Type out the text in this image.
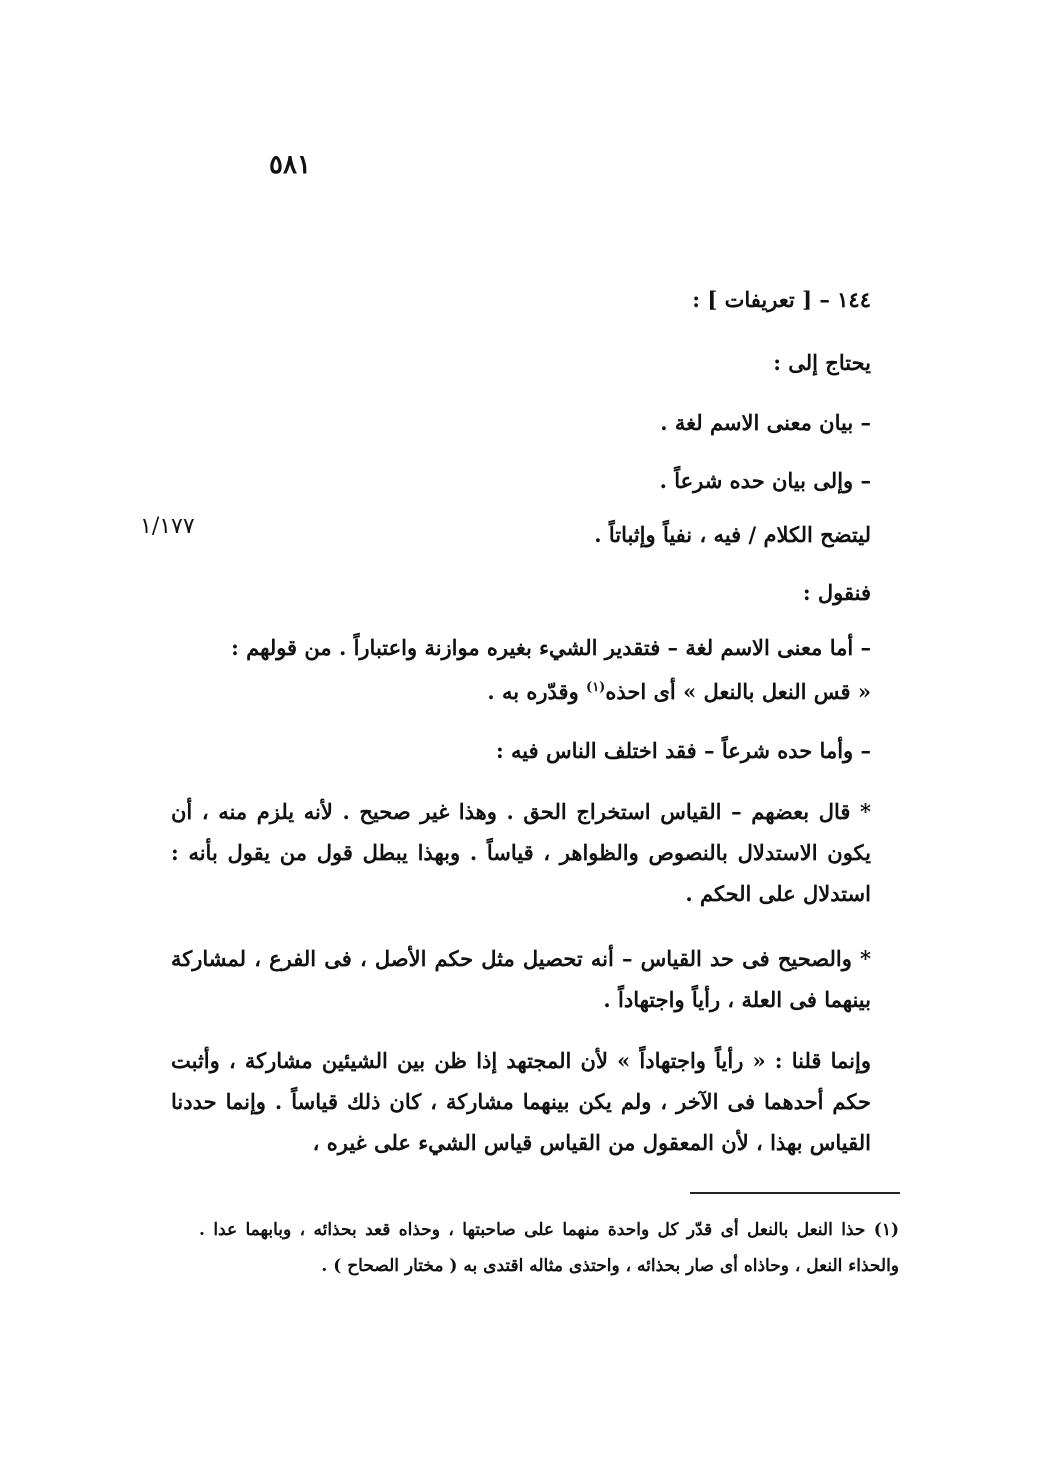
٥٨١
١٤٤ – [ تعريفات ] :
يحتاج إلى :
– بيان معنى الاسم لغة .
– وإلى بيان حده شرعاً .
ليتضح الكلام / فيه ، نفياً وإثباتاً .
١/١٧٧
فنقول :
– أما معنى الاسم لغة – فتقدير الشيء بغيره موازنة واعتباراً . من قولهم :
« قس النعل بالنعل » أى احذه$^{(١)}$ وقدّره به .
– وأما حده شرعاً – فقد اختلف الناس فيه :
* قال بعضهم – القياس استخراج الحق . وهذا غير صحيح . لأنه يلزم منه ، أن يكون الاستدلال بالنصوص والظواهر ، قياساً . وبهذا يبطل قول من يقول بأنه : استدلال على الحكم .
* والصحيح فى حد القياس – أنه تحصيل مثل حكم الأصل ، فى الفرع ، لمشاركة بينهما فى العلة ، رأياً واجتهاداً .
وإنما قلنا : « رأياً واجتهاداً » لأن المجتهد إذا ظن بين الشيئين مشاركة ، وأثبت حكم أحدهما فى الآخر ، ولم يكن بينهما مشاركة ، كان ذلك قياساً . وإنما حددنا القياس بهذا ، لأن المعقول من القياس قياس الشيء على غيره ،
(١) حذا النعل بالنعل أى قدّر كل واحدة منهما على صاحبتها ، وحذاه قعد بحذائه ، وبابهما عدا . والحذاء النعل ، وحاذاه أى صار بحذائه ، واحتذى مثاله اقتدى به ( مختار الصحاح ) .
